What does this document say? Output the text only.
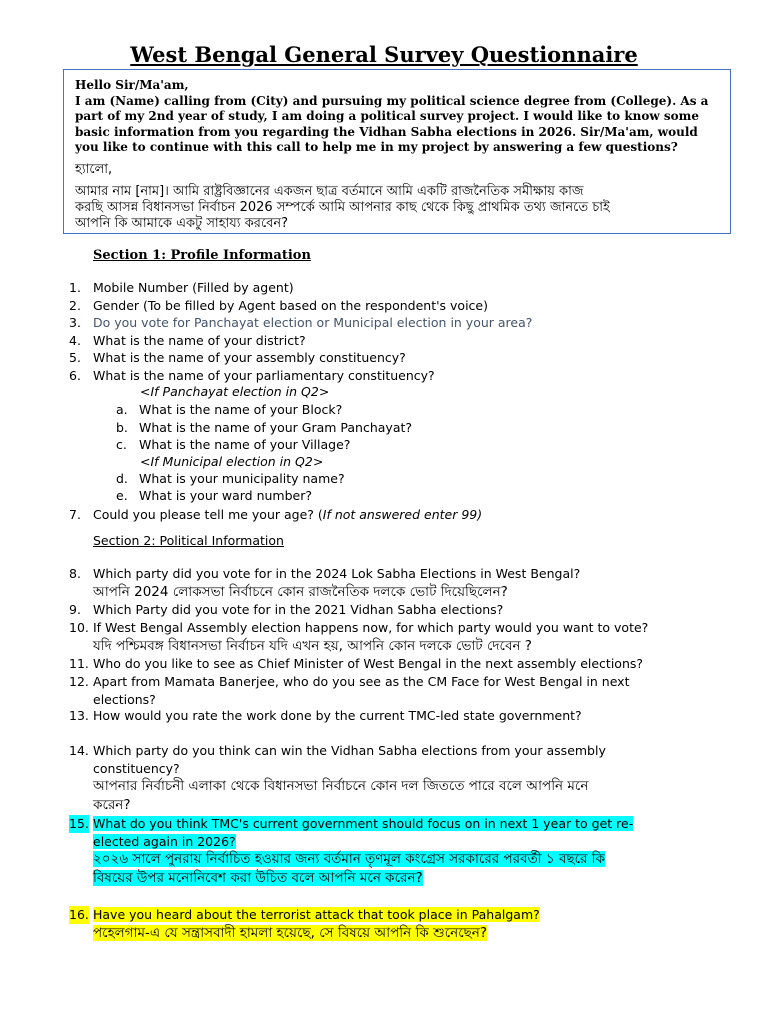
West Bengal General Survey Questionnaire
Hello Sir/Ma'am,
I am (Name) calling from (City) and pursuing my political science degree from (College). As a
part of my 2nd year of study, I am doing a political survey project. I would like to know some
basic information from you regarding the Vidhan Sabha elections in 2026. Sir/Ma'am, would
you like to continue with this call to help me in my project by answering a few questions?
হ্যালো,
আমার নাম [নাম]। আমি রাষ্ট্রবিজ্ঞানের একজন ছাত্র বর্তমানে আমি একটি রাজনৈতিক সমীক্ষায় কাজ
করছি আসন্ন বিধানসভা নির্বাচন 2026 সম্পর্কে আমি আপনার কাছ থেকে কিছু প্রাথমিক তথ্য জানতে চাই
আপনি কি আমাকে একটু সাহায্য করবেন?
Section 1: Profile Information
1. Mobile Number (Filled by agent)
2. Gender (To be filled by Agent based on the respondent's voice)
3. Do you vote for Panchayat election or Municipal election in your area?
4. What is the name of your district?
5. What is the name of your assembly constituency?
6. What is the name of your parliamentary constituency?
<If Panchayat election in Q2>
a. What is the name of your Block?
b. What is the name of your Gram Panchayat?
c. What is the name of your Village?
<If Municipal election in Q2>
d. What is your municipality name?
e. What is your ward number?
7. Could you please tell me your age? (If not answered enter 99)
Section 2: Political Information
8. Which party did you vote for in the 2024 Lok Sabha Elections in West Bengal?
আপনি 2024 লোকসভা নির্বাচনে কোন রাজনৈতিক দলকে ভোট দিয়েছিলেন?
9. Which Party did you vote for in the 2021 Vidhan Sabha elections?
10. If West Bengal Assembly election happens now, for which party would you want to vote?
যদি পশ্চিমবঙ্গ বিধানসভা নির্বাচন যদি এখন হয়, আপনি কোন দলকে ভোট দেবেন ?
11. Who do you like to see as Chief Minister of West Bengal in the next assembly elections?
12. Apart from Mamata Banerjee, who do you see as the CM Face for West Bengal in next
elections?
13. How would you rate the work done by the current TMC-led state government?
14. Which party do you think can win the Vidhan Sabha elections from your assembly
constituency?
আপনার নির্বাচনী এলাকা থেকে বিধানসভা নির্বাচনে কোন দল জিততে পারে বলে আপনি মনে
করেন?
15. What do you think TMC's current government should focus on in next 1 year to get re-
elected again in 2026?
২০২৬ সালে পুনরায় নির্বাচিত হওয়ার জন্য বর্তমান তৃণমূল কংগ্রেস সরকারের পরবর্তী ১ বছরে কি
বিষয়ের উপর মনোনিবেশ করা উচিত বলে আপনি মনে করেন?
16. Have you heard about the terrorist attack that took place in Pahalgam?
পহেলগাম-এ যে সন্ত্রাসবাদী হামলা হয়েছে, সে বিষয়ে আপনি কি শুনেছেন?
